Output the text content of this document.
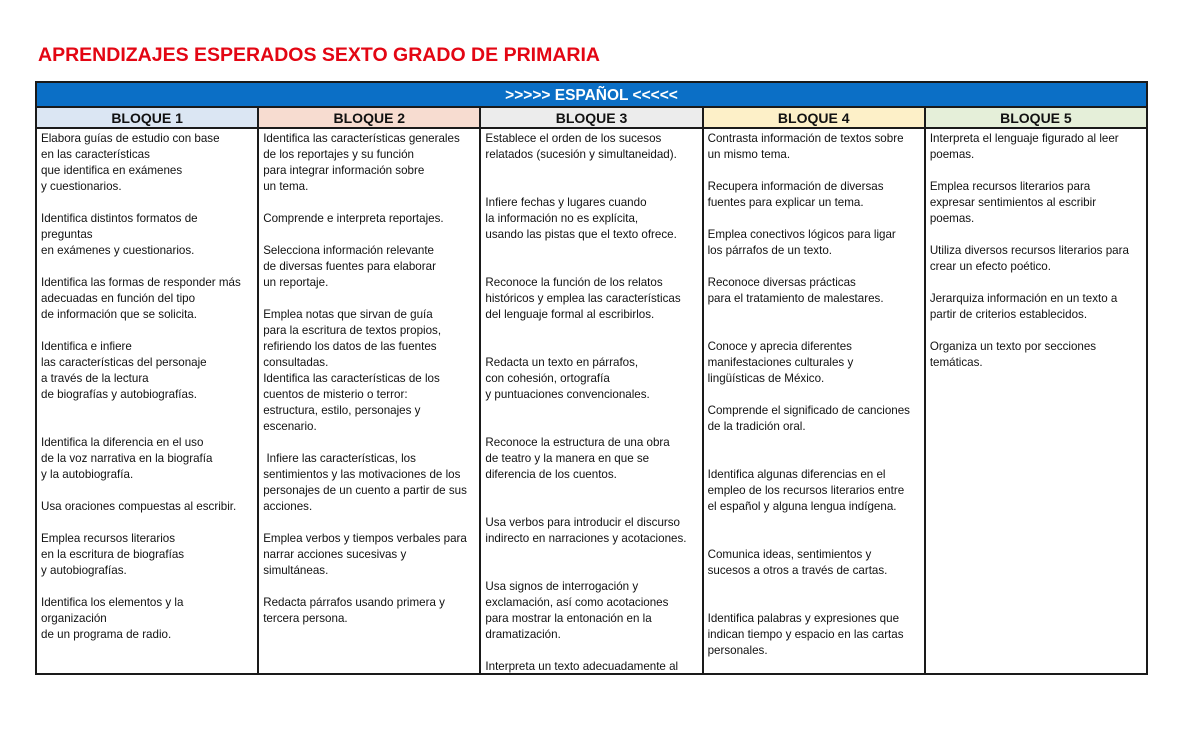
APRENDIZAJES ESPERADOS SEXTO GRADO DE PRIMARIA
>>>>> ESPAÑOL <<<<<
BLOQUE 1
Elabora guías de estudio con base
en las características
que identifica en exámenes
y cuestionarios.

Identifica distintos formatos de
preguntas
en exámenes y cuestionarios.

Identifica las formas de responder más
adecuadas en función del tipo
de información que se solicita.

Identifica e infiere
las características del personaje
a través de la lectura
de biografías y autobiografías.

Identifica la diferencia en el uso
de la voz narrativa en la biografía
y la autobiografía.

Usa oraciones compuestas al escribir.

Emplea recursos literarios
en la escritura de biografías
y autobiografías.

Identifica los elementos y la
organización
de un programa de radio.
BLOQUE 2
Identifica las características generales
de los reportajes y su función
para integrar información sobre
un tema.

Comprende e interpreta reportajes.

Selecciona información relevante
de diversas fuentes para elaborar
un reportaje.

Emplea notas que sirvan de guía
para la escritura de textos propios,
refiriendo los datos de las fuentes
consultadas.
Identifica las características de los
cuentos de misterio o terror:
estructura, estilo, personajes y
escenario.

Infiere las características, los
sentimientos y las motivaciones de los
personajes de un cuento a partir de sus
acciones.

Emplea verbos y tiempos verbales para
narrar acciones sucesivas y
simultáneas.

Redacta párrafos usando primera y
tercera persona.
BLOQUE 3
Establece el orden de los sucesos
relatados (sucesión y simultaneidad).

Infiere fechas y lugares cuando
la información no es explícita,
usando las pistas que el texto ofrece.

Reconoce la función de los relatos
históricos y emplea las características
del lenguaje formal al escribirlos.

Redacta un texto en párrafos,
con cohesión, ortografía
y puntuaciones convencionales.

Reconoce la estructura de una obra
de teatro y la manera en que se
diferencia de los cuentos.

Usa verbos para introducir el discurso
indirecto en narraciones y acotaciones.

Usa signos de interrogación y
exclamación, así como acotaciones
para mostrar la entonación en la
dramatización.

Interpreta un texto adecuadamente al
BLOQUE 4
Contrasta información de textos sobre
un mismo tema.

Recupera información de diversas
fuentes para explicar un tema.

Emplea conectivos lógicos para ligar
los párrafos de un texto.

Reconoce diversas prácticas
para el tratamiento de malestares.

Conoce y aprecia diferentes
manifestaciones culturales y
lingüísticas de México.

Comprende el significado de canciones
de la tradición oral.

Identifica algunas diferencias en el
empleo de los recursos literarios entre
el español y alguna lengua indígena.

Comunica ideas, sentimientos y
sucesos a otros a través de cartas.

Identifica palabras y expresiones que
indican tiempo y espacio en las cartas
personales.
BLOQUE 5
Interpreta el lenguaje figurado al leer
poemas.

Emplea recursos literarios para
expresar sentimientos al escribir
poemas.

Utiliza diversos recursos literarios para
crear un efecto poético.

Jerarquiza información en un texto a
partir de criterios establecidos.

Organiza un texto por secciones
temáticas.
